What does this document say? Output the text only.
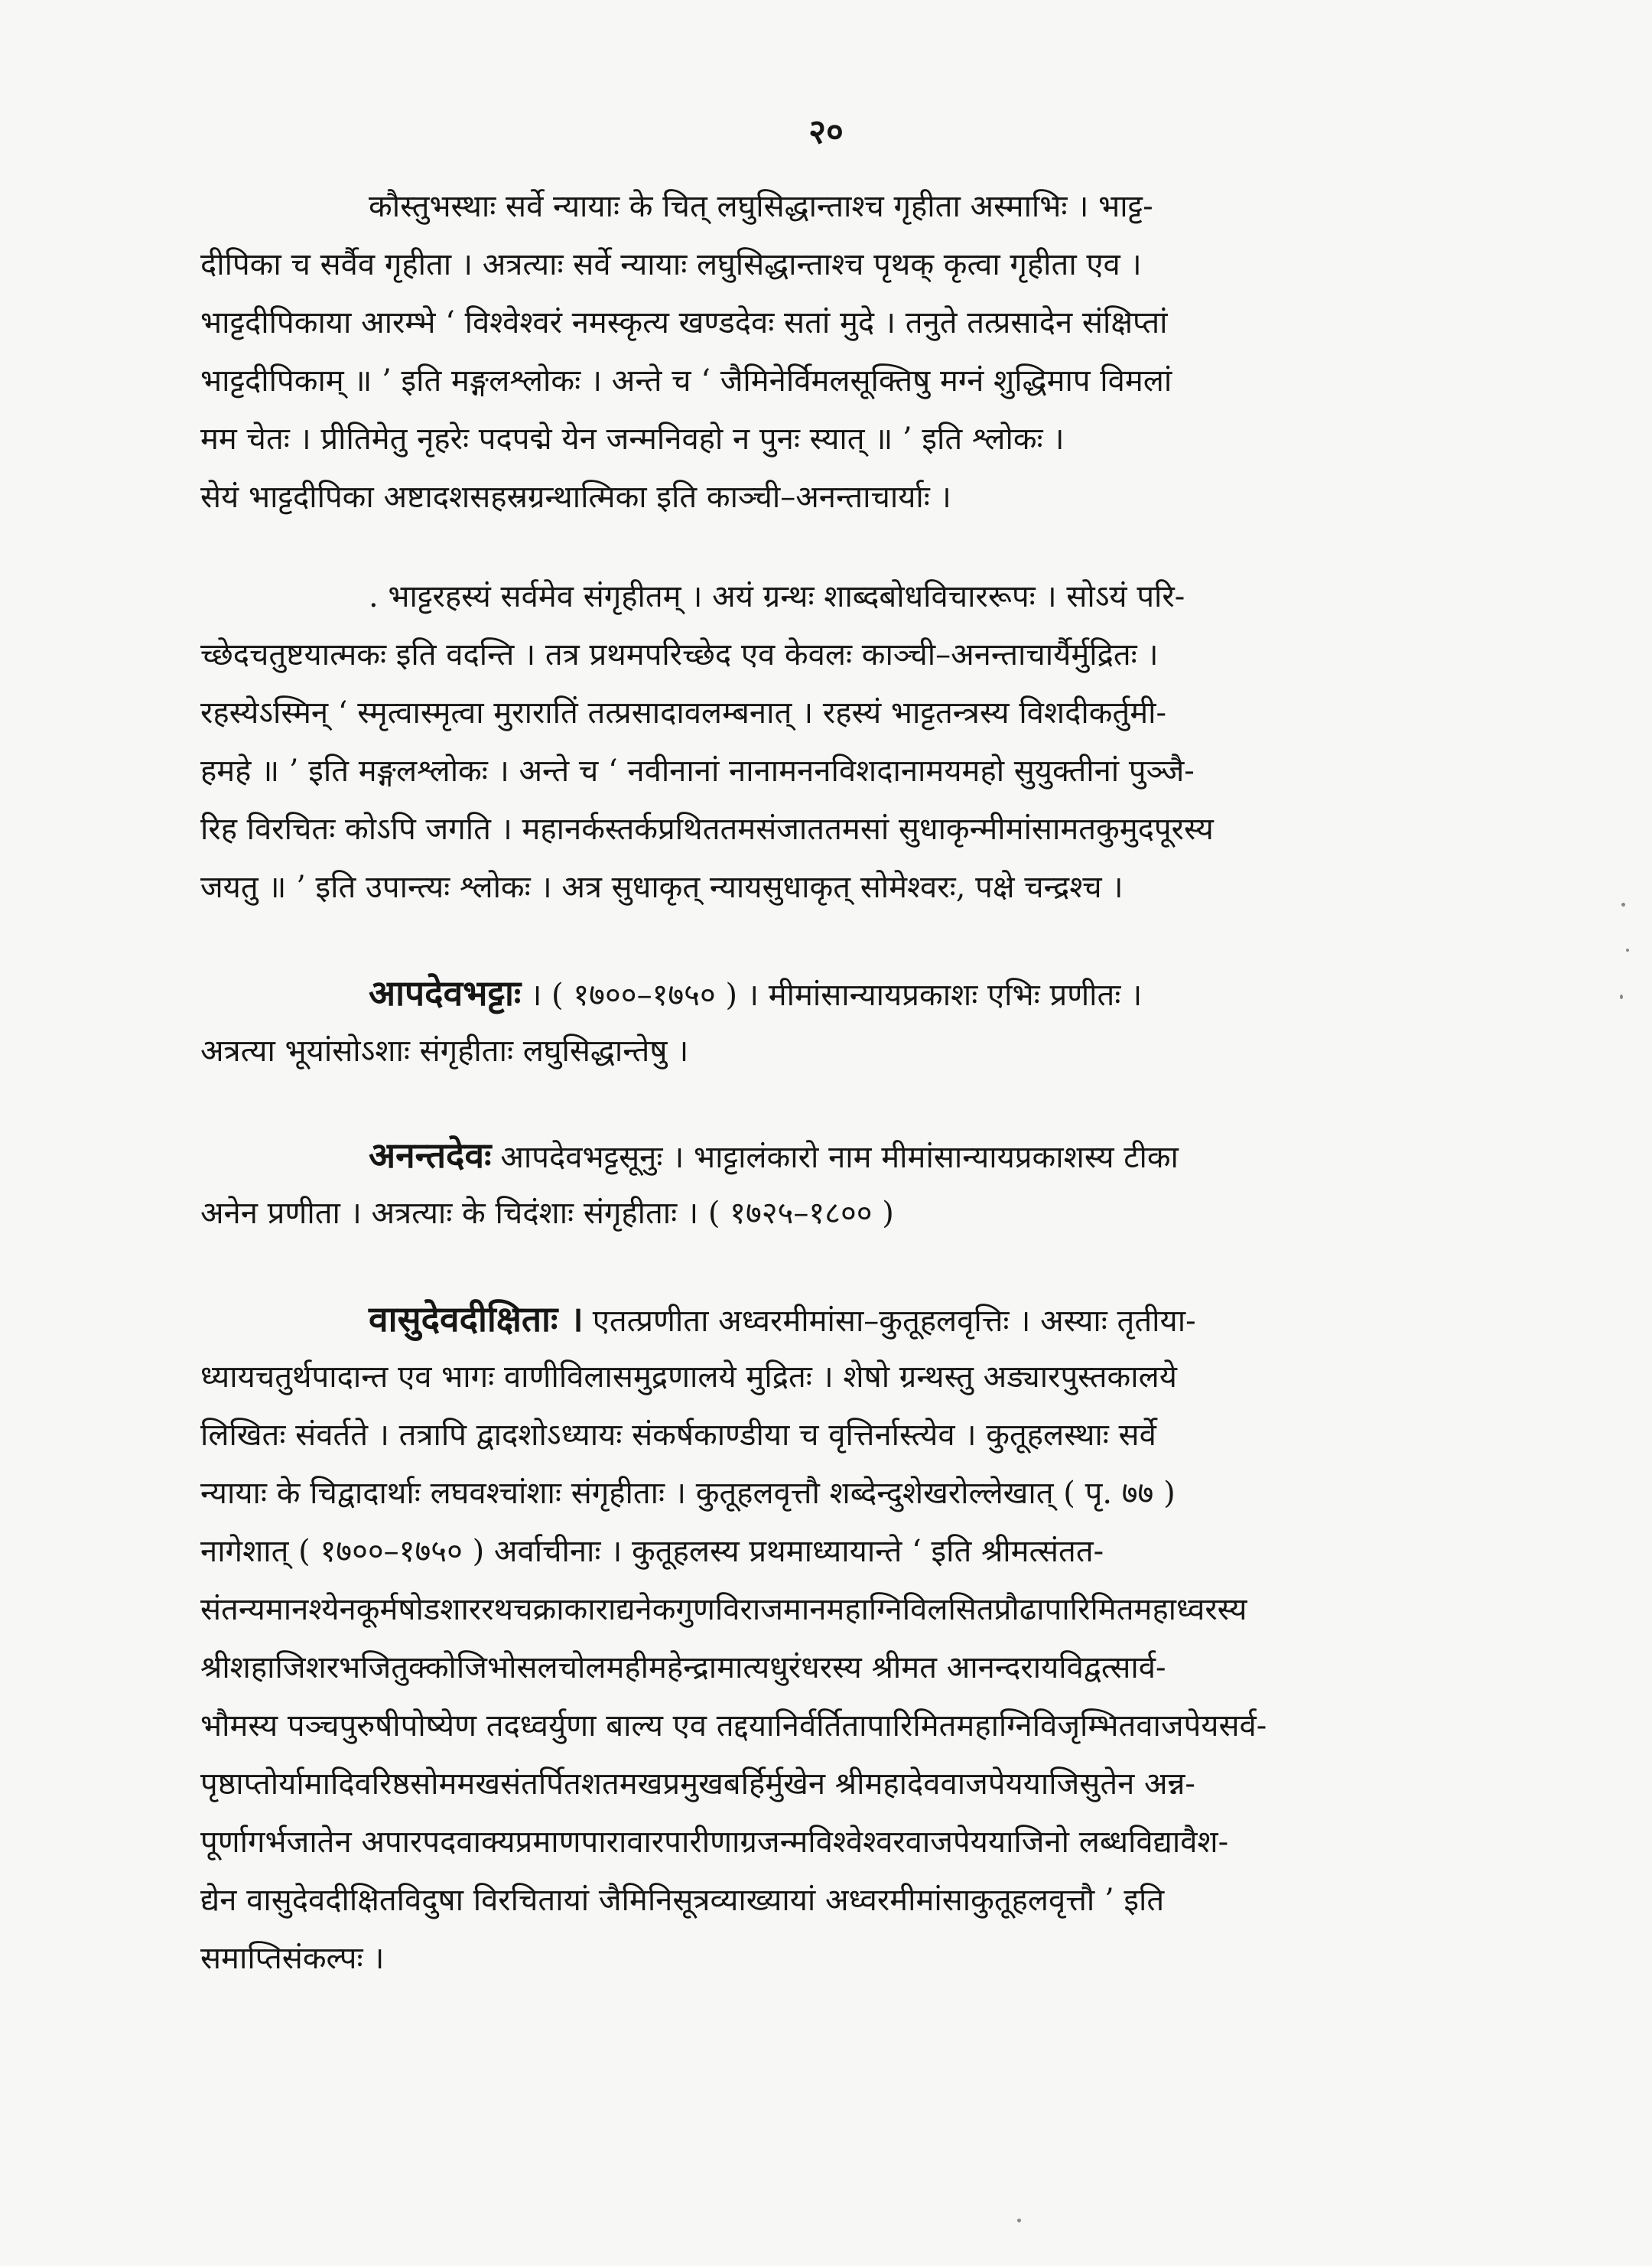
२०
कौस्तुभस्थाः सर्वे न्यायाः के चित् लघुसिद्धान्ताश्च गृहीता अस्माभिः । भाट्ट-
दीपिका च सर्वैव गृहीता । अत्रत्याः सर्वे न्यायाः लघुसिद्धान्ताश्च पृथक् कृत्वा गृहीता एव ।
भाट्टदीपिकाया आरम्भे ‘ विश्वेश्वरं नमस्कृत्य खण्डदेवः सतां मुदे । तनुते तत्प्रसादेन संक्षिप्तां
भाट्टदीपिकाम् ॥ ’ इति मङ्गलश्लोकः । अन्ते च ‘ जैमिनेर्विमलसूक्तिषु मग्नं शुद्धिमाप विमलां
मम चेतः । प्रीतिमेतु नृहरेः पदपद्मे येन जन्मनिवहो न पुनः स्यात् ॥ ’ इति श्लोकः ।
सेयं भाट्टदीपिका अष्टादशसहस्रग्रन्थात्मिका इति काञ्ची–अनन्ताचार्याः ।
. भाट्टरहस्यं सर्वमेव संगृहीतम् । अयं ग्रन्थः शाब्दबोधविचाररूपः । सोऽयं परि-
च्छेदचतुष्टयात्मकः इति वदन्ति । तत्र प्रथमपरिच्छेद एव केवलः काञ्ची–अनन्ताचार्यैर्मुद्रितः ।
रहस्येऽस्मिन् ‘ स्मृत्वास्मृत्वा मुरारातिं तत्प्रसादावलम्बनात् । रहस्यं भाट्टतन्त्रस्य विशदीकर्तुमी-
हमहे ॥ ’ इति मङ्गलश्लोकः । अन्ते च ‘ नवीनानां नानामननविशदानामयमहो सुयुक्तीनां पुञ्जै-
रिह विरचितः कोऽपि जगति । महानर्कस्तर्कप्रथिततमसंजाततमसां सुधाकृन्मीमांसामतकुमुदपूरस्य
जयतु ॥ ’ इति उपान्त्यः श्लोकः । अत्र सुधाकृत् न्यायसुधाकृत् सोमेश्वरः, पक्षे चन्द्रश्च ।
आपदेवभट्टाः । ( १७००–१७५० ) । मीमांसान्यायप्रकाशः एभिः प्रणीतः ।
अत्रत्या भूयांसोऽशाः संगृहीताः लघुसिद्धान्तेषु ।
अनन्तदेवः आपदेवभट्टसूनुः । भाट्टालंकारो नाम मीमांसान्यायप्रकाशस्य टीका
अनेन प्रणीता । अत्रत्याः के चिदंशाः संगृहीताः । ( १७२५–१८०० )
वासुदेवदीक्षिताः । एतत्प्रणीता अध्वरमीमांसा–कुतूहलवृत्तिः । अस्याः तृतीया-
ध्यायचतुर्थपादान्त एव भागः वाणीविलासमुद्रणालये मुद्रितः । शेषो ग्रन्थस्तु अड्यारपुस्तकालये
लिखितः संवर्तते । तत्रापि द्वादशोऽध्यायः संकर्षकाण्डीया च वृत्तिर्नास्त्येव । कुतूहलस्थाः सर्वे
न्यायाः के चिद्वादार्थाः लघवश्चांशाः संगृहीताः । कुतूहलवृत्तौ शब्देन्दुशेखरोल्लेखात् ( पृ. ७७ )
नागेशात् ( १७००–१७५० ) अर्वाचीनाः । कुतूहलस्य प्रथमाध्यायान्ते ‘ इति श्रीमत्संतत-
संतन्यमानश्येनकूर्मषोडशाररथचक्राकाराद्यनेकगुणविराजमानमहाग्निविलसितप्रौढापारिमितमहाध्वरस्य
श्रीशहाजिशरभजितुक्कोजिभोसलचोलमहीमहेन्द्रामात्यधुरंधरस्य श्रीमत आनन्दरायविद्वत्सार्व-
भौमस्य पञ्चपुरुषीपोष्येण तदध्वर्युणा बाल्य एव तद्दयानिर्वर्तितापारिमितमहाग्निविजृम्भितवाजपेयसर्व-
पृष्ठाप्तोर्यामादिवरिष्ठसोममखसंतर्पितशतमखप्रमुखबर्हिर्मुखेन श्रीमहादेववाजपेययाजिसुतेन अन्न-
पूर्णागर्भजातेन अपारपदवाक्यप्रमाणपारावारपारीणाग्रजन्मविश्वेश्वरवाजपेययाजिनो लब्धविद्यावैश-
द्येन वासुदेवदीक्षितविदुषा विरचितायां जैमिनिसूत्रव्याख्यायां अध्वरमीमांसाकुतूहलवृत्तौ ’ इति
समाप्तिसंकल्पः ।
